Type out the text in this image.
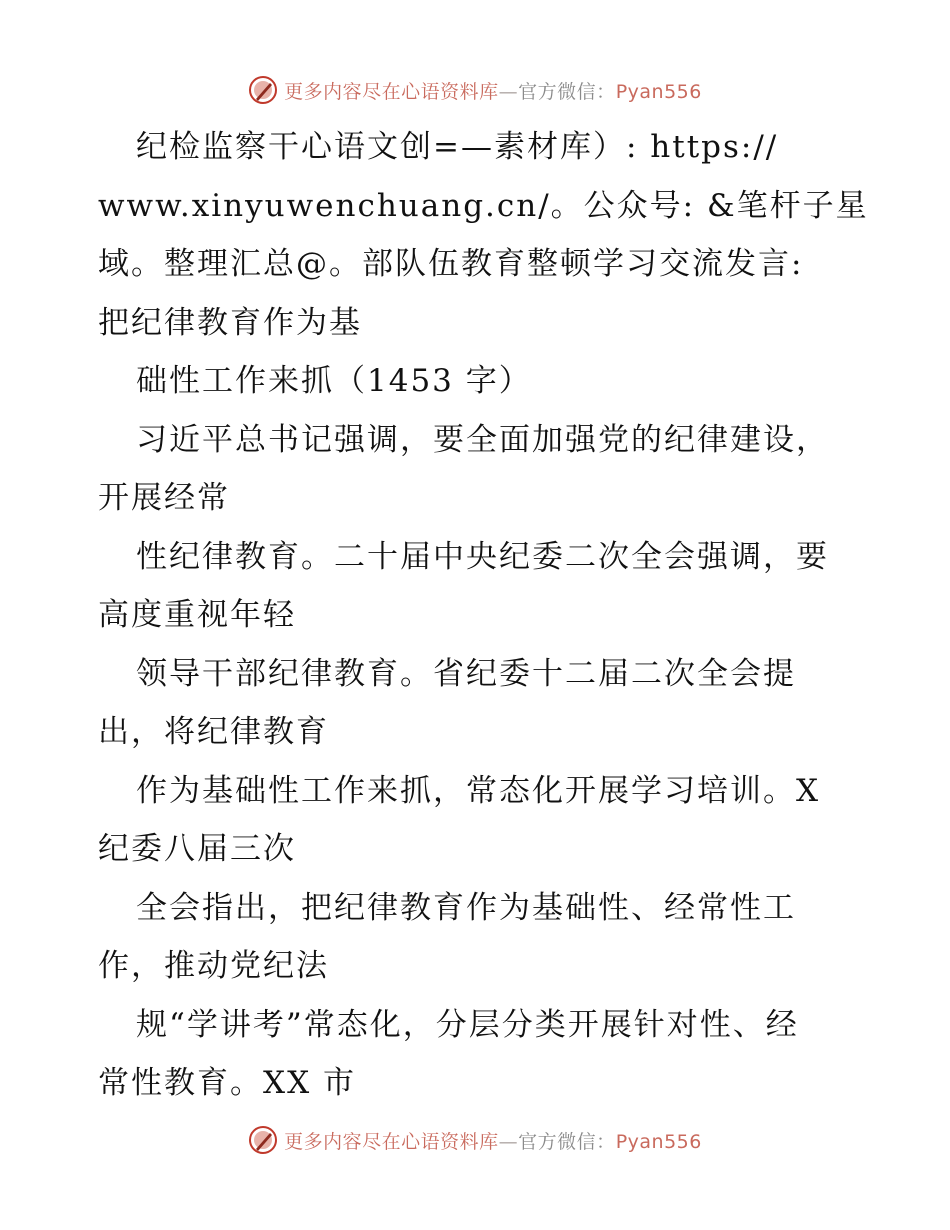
更多内容尽在心语资料库—官方微信：Pyan556
纪检监察干心语文创=—素材库）: https://
www.xinyuwenchuang.cn/。公众号: &笔杆子星
域。整理汇总@。部队伍教育整顿学习交流发言:
把纪律教育作为基
础性工作来抓（1453 字）
习近平总书记强调，要全面加强党的纪律建设，
开展经常
性纪律教育。二十届中央纪委二次全会强调，要
高度重视年轻
领导干部纪律教育。省纪委十二届二次全会提
出，将纪律教育
作为基础性工作来抓，常态化开展学习培训。X
纪委八届三次
全会指出，把纪律教育作为基础性、经常性工
作，推动党纪法
规“学讲考”常态化，分层分类开展针对性、经
常性教育。XX 市
更多内容尽在心语资料库—官方微信：Pyan556
